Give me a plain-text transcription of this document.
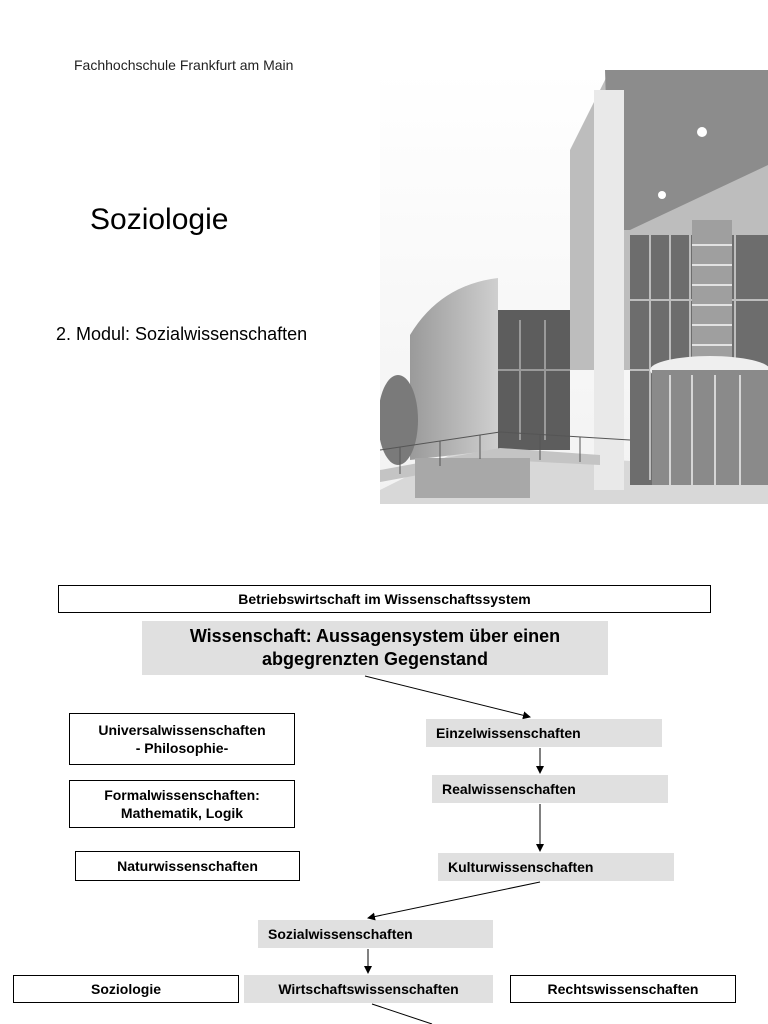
Fachhochschule Frankfurt am Main
Soziologie
2. Modul: Sozialwissenschaften
Betriebswirtschaft im Wissenschaftssystem
Wissenschaft: Aussagensystem über einen abgegrenzten Gegenstand
Universalwissenschaften
- Philosophie-
Formalwissenschaften:
Mathematik, Logik
Naturwissenschaften
Einzelwissenschaften
Realwissenschaften
Kulturwissenschaften
Sozialwissenschaften
Wirtschaftswissenschaften
Soziologie	Rechtswissenschaften
